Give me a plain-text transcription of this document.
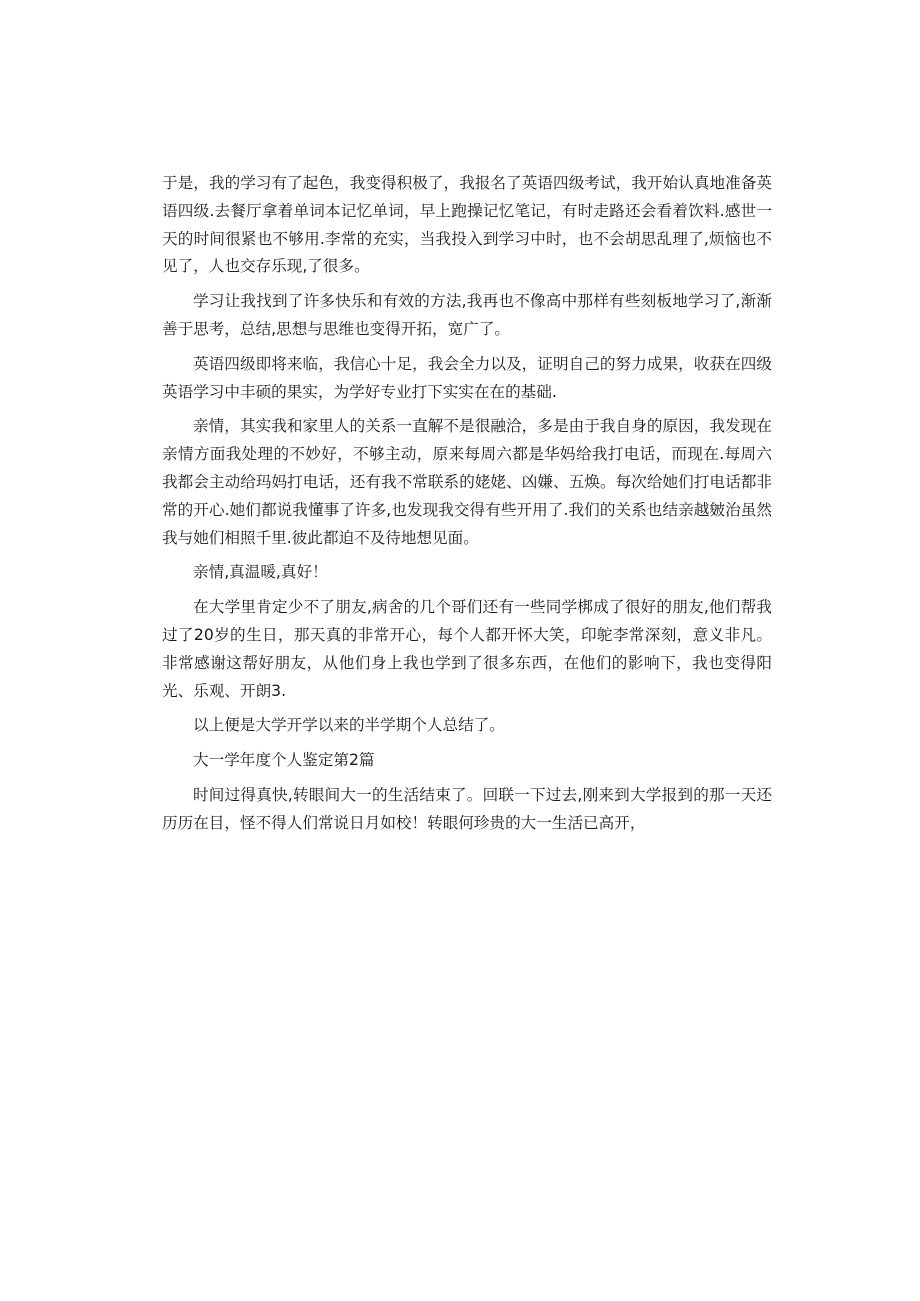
于是，我的学习有了起色，我变得积极了，我报名了英语四级考试，我开始认真地准备英语四级.去餐厅拿着单词本记忆单词，早上跑操记忆笔记，有时走路还会看着饮料.感世一天的时间很紧也不够用.李常的充实，当我投入到学习中时，也不会胡思乱理了,烦恼也不见了，人也交存乐现,了很多。

学习让我找到了许多快乐和有效的方法,我再也不像高中那样有些刻板地学习了,渐渐善于思考，总结,思想与思维也变得开拓，宽广了。

英语四级即将来临，我信心十足，我会全力以及，证明自己的努力成果，收获在四级英语学习中丰硕的果实，为学好专业打下实实在在的基础.

亲情，其实我和家里人的关系一直解不是很融洽，多是由于我自身的原因，我发现在亲情方面我处理的不妙好，不够主动，原来每周六都是华妈给我打电话，而现在.每周六我都会主动给玛妈打电话，还有我不常联系的姥姥、凶嫌、五焕。每次给她们打电话都非常的开心.她们都说我懂事了许多,也发现我交得有些开用了.我们的关系也结亲越皴治虽然我与她们相照千里.彼此都迫不及待地想见面。

亲情,真温暖,真好！

在大学里肯定少不了朋友,病舍的几个哥们还有一些同学梆成了很好的朋友,他们帮我过了20岁的生日，那天真的非常开心，每个人都开怀大笑，印鸵李常深刻，意义非凡。非常感谢这帮好朋友，从他们身上我也学到了很多东西，在他们的影响下，我也变得阳光、乐观、开朗3.

以上便是大学开学以来的半学期个人总结了。

大一学年度个人鉴定第2篇

时间过得真快,转眼间大一的生活结束了。回联一下过去,刚来到大学报到的那一天还历历在目，怪不得人们常说日月如校！转眼何珍贵的大一生活已高开，
